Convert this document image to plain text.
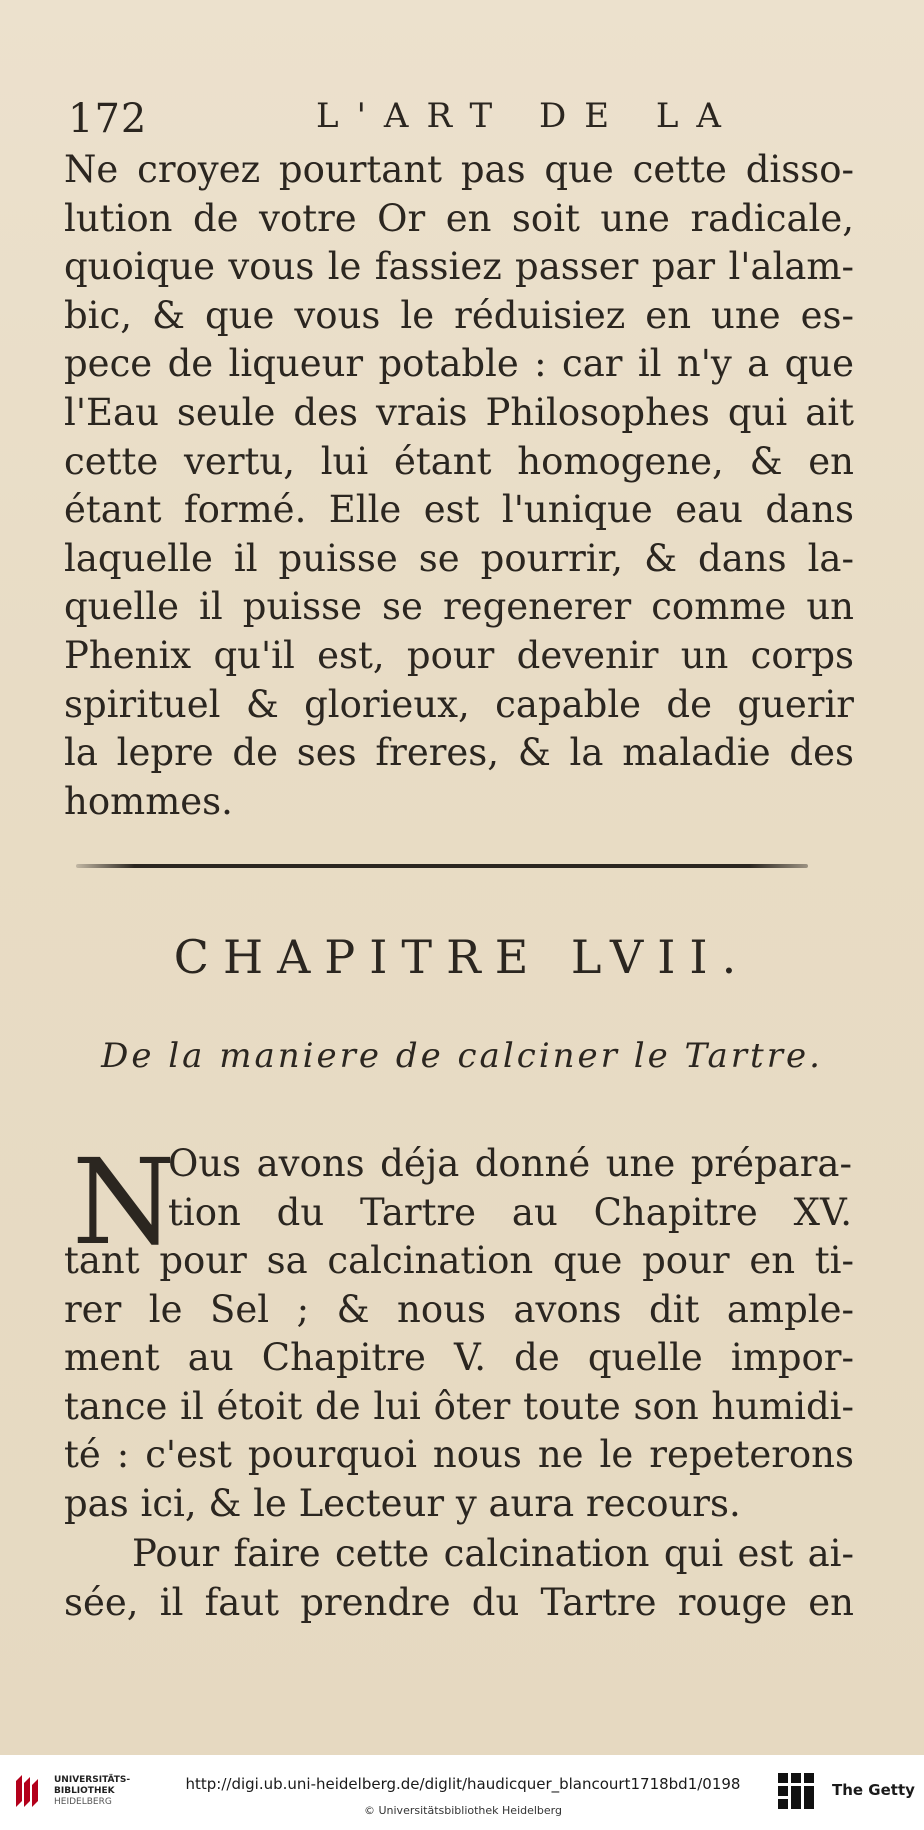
172	L'ART DE LA
Ne croyez pourtant pas que cette disso-
lution de votre Or en soit une radicale,
quoique vous le fassiez passer par l'alam-
bic, & que vous le réduisiez en une es-
pece de liqueur potable : car il n'y a que
l'Eau seule des vrais Philosophes qui ait
cette vertu, lui étant homogene, & en
étant formé. Elle est l'unique eau dans
laquelle il puisse se pourrir, & dans la-
quelle il puisse se regenerer comme un
Phenix qu'il est, pour devenir un corps
spirituel & glorieux, capable de guerir
la lepre de ses freres, & la maladie des
hommes.
CHAPITRE LVII.
De la maniere de calciner le Tartre.
N
Ous avons déja donné une prépara-
tion du Tartre au Chapitre XV.
tant pour sa calcination que pour en ti-
rer le Sel ; & nous avons dit ample-
ment au Chapitre V. de quelle impor-
tance il étoit de lui ôter toute son humidi-
té : c'est pourquoi nous ne le repeterons
pas ici, & le Lecteur y aura recours.
Pour faire cette calcination qui est ai-
sée, il faut prendre du Tartre rouge en
UNIVERSITÄTS-
BIBLIOTHEK
HEIDELBERG
http://digi.ub.uni-heidelberg.de/diglit/haudicquer_blancourt1718bd1/0198
© Universitätsbibliothek Heidelberg
The Getty
